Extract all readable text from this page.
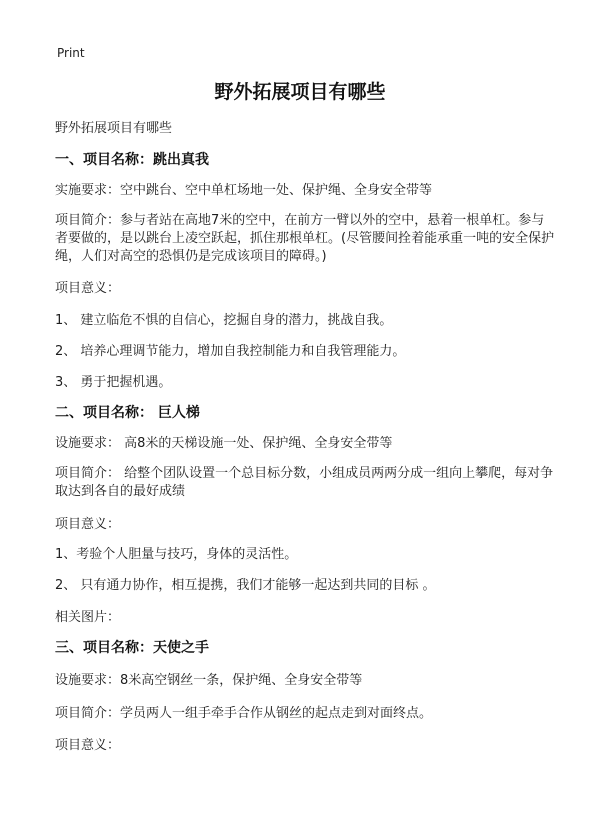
Print
野外拓展项目有哪些
野外拓展项目有哪些
一、项目名称：跳出真我
实施要求：空中跳台、空中单杠场地一处、保护绳、全身安全带等
项目简介：参与者站在高地7米的空中，在前方一臂以外的空中，悬着一根单杠。参与者要做的，是以跳台上凌空跃起，抓住那根单杠。(尽管腰间拴着能承重一吨的安全保护绳，人们对高空的恐惧仍是完成该项目的障碍。)
项目意义：
1、 建立临危不惧的自信心，挖掘自身的潜力，挑战自我。
2、 培养心理调节能力，增加自我控制能力和自我管理能力。
3、 勇于把握机遇。
二、项目名称： 巨人梯
设施要求： 高8米的天梯设施一处、保护绳、全身安全带等
项目简介： 给整个团队设置一个总目标分数，小组成员两两分成一组向上攀爬，每对争取达到各自的最好成绩
项目意义：
1、考验个人胆量与技巧，身体的灵活性。
2、 只有通力协作，相互提携，我们才能够一起达到共同的目标 。
相关图片：
三、项目名称：天使之手
设施要求：8米高空钢丝一条，保护绳、全身安全带等
项目简介：学员两人一组手牵手合作从钢丝的起点走到对面终点。
项目意义：
